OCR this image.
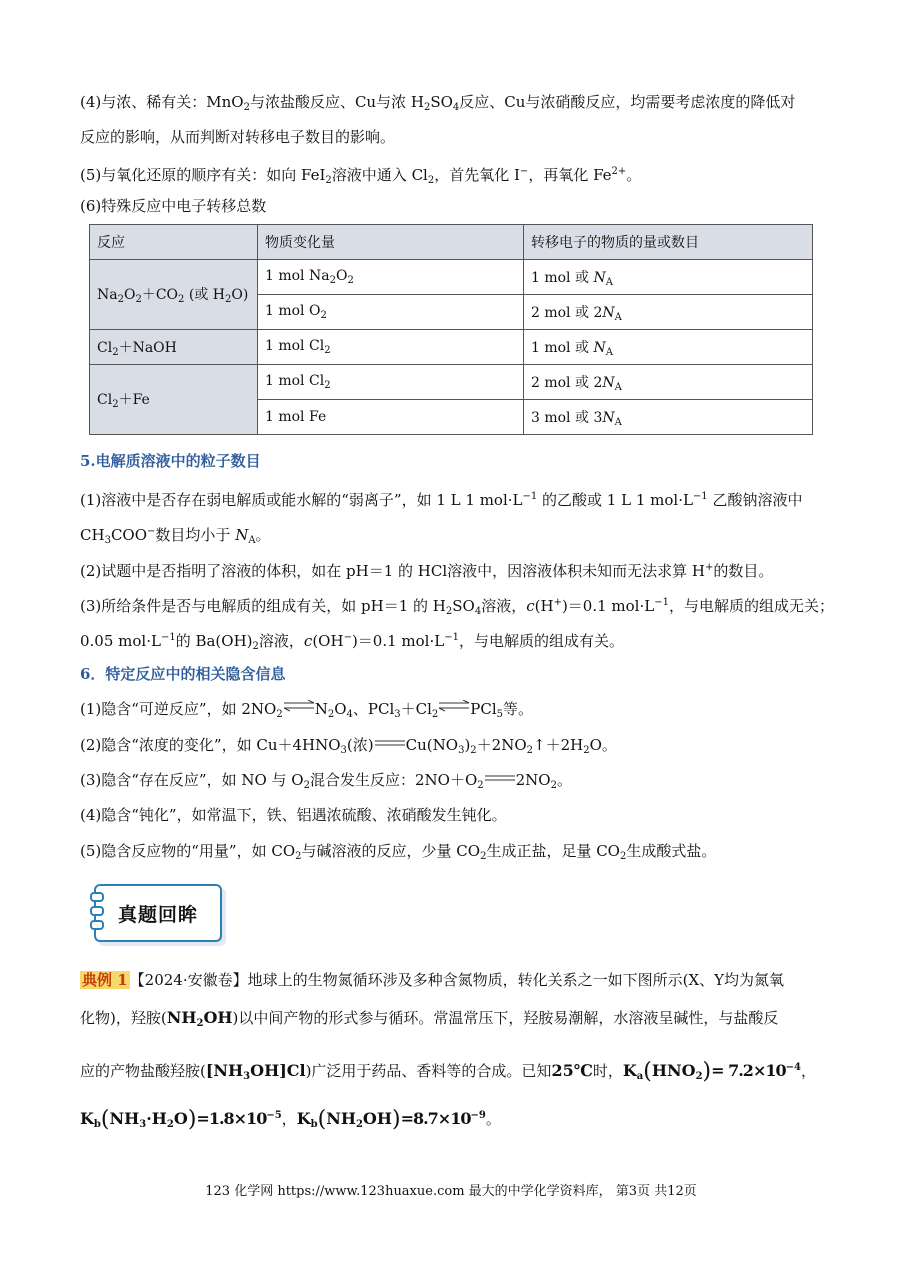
(4)与浓、稀有关：MnO$_2$与浓盐酸反应、Cu与浓 $H_2SO_4$反应、Cu与浓硝酸反应，均需要考虑浓度的降低对
反应的影响，从而判断对转移电子数目的影响。
(5)与氧化还原的顺序有关：如向 FeI$_2$溶液中通入 $Cl_2$，首先氧化 I−，再氧化 $Fe^{2+}$。
(6)特殊反应中电子转移总数
反应	物质变化量	转移电子的物质的量或数目
$Na_2O_2+CO_2$ (或 $H_2O$)	1 mol $Na_2O_2$	1 mol 或 $N_A$
	1 mol $O_2$	2 mol 或 $2N_A$
$Cl_2+NaOH$	1 mol $Cl_2$	1 mol 或 $N_A$
$Cl_2+Fe$	1 mol $Cl_2$	2 mol 或 $2N_A$
	1 mol Fe	3 mol 或 $3N_A$
5.电解质溶液中的粒子数目
(1)溶液中是否存在弱电解质或能水解的“弱离子”，如 1 L 1 $mol\cdot L^{-1}$ 的乙酸或 1 L 1 $mol\cdot L^{-1}$ 乙酸钠溶液中
$CH_3COO^-$数目均小于 $N_A$。
(2)试题中是否指明了溶液的体积，如在 pH＝1 的 HCl溶液中，因溶液体积未知而无法求算 H+的数目。
(3)所给条件是否与电解质的组成有关，如 pH＝1 的 $H_2SO_4$溶液，c(H+)＝0.1 $mol\cdot L^{-1}$，与电解质的组成无关；
0.05 $mol\cdot L^{-1}$的 $Ba(OH)_2$溶液，c(OH−)＝0.1 $mol\cdot L^{-1}$，与电解质的组成有关。
6．特定反应中的相关隐含信息
(1)隐含“可逆反应”，如 $2NO_2$ $\rightleftharpoons N_2O_4$、$PCl_3+Cl_2$ ⇌PCl$_5$等。
(2)隐含“浓度的变化”，如 $Cu+4HNO_3$(浓) $Cu(NO_3)_2+2NO_2↑+2H_2O$。
(3)隐含“存在反应”，如 NO 与 $O_2$混合发生反应：$2NO+O_2$ $2NO_2$。
(4)隐含“钝化”，如常温下，铁、铝遇浓硫酸、浓硝酸发生钝化。
(5)隐含反应物的“用量”，如 $CO_2$与碱溶液的反应，少量 $CO_2$生成正盐，足量 $CO_2$生成酸式盐。
真题回眸
典例 1 【2024·安徽卷】地球上的生物氮循环涉及多种含氮物质，转化关系之一如下图所示(X、Y均为氮氧
化物)，羟胺$(NH_2OH)$以中间产物的形式参与循环。常温常压下，羟胺易潮解，水溶液呈碱性，与盐酸反
应的产物盐酸羟胺$([NH_3OH]Cl)$广泛用于药品、香料等的合成。已知25℃时，$K_a(HNO_2)= 7.2\times 10^{-4}$，
$K_b(NH_3\cdot H_2O)=1.8\times 10^{-5}$，$K_b(NH_2OH)=8.7\times 10^{-9}$。
123 化学网 https://www.123huaxue.com 最大的中学化学资料库， 第3页 共12页
